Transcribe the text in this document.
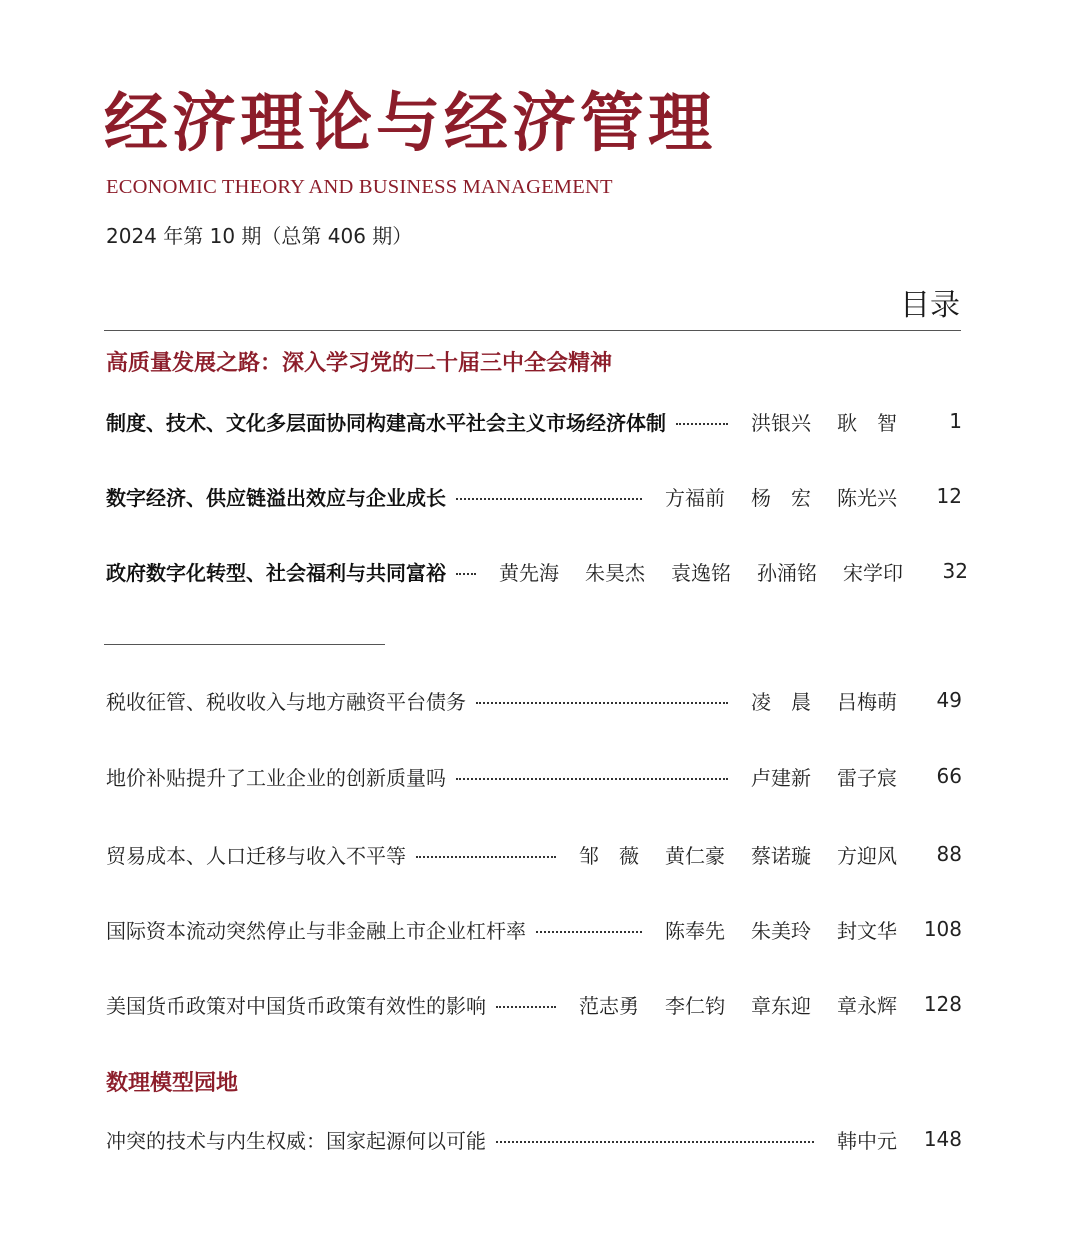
经济理论与经济管理
ECONOMIC THEORY AND BUSINESS MANAGEMENT
2024 年第 10 期（总第 406 期）
目录
高质量发展之路：深入学习党的二十届三中全会精神
制度、技术、文化多层面协同构建高水平社会主义市场经济体制	洪银兴	耿　智	1
数字经济、供应链溢出效应与企业成长	方福前	杨　宏	陈光兴	12
政府数字化转型、社会福利与共同富裕	黄先海	朱昊杰	袁逸铭	孙涌铭	宋学印	32
税收征管、税收收入与地方融资平台债务	凌　晨	吕梅萌	49
地价补贴提升了工业企业的创新质量吗	卢建新	雷子宸	66
贸易成本、人口迁移与收入不平等	邹　薇	黄仁豪	蔡诺璇	方迎风	88
国际资本流动突然停止与非金融上市企业杠杆率	陈奉先	朱美玲	封文华	108
美国货币政策对中国货币政策有效性的影响	范志勇	李仁钧	章东迎	章永辉	128
数理模型园地
冲突的技术与内生权威：国家起源何以可能	韩中元	148
